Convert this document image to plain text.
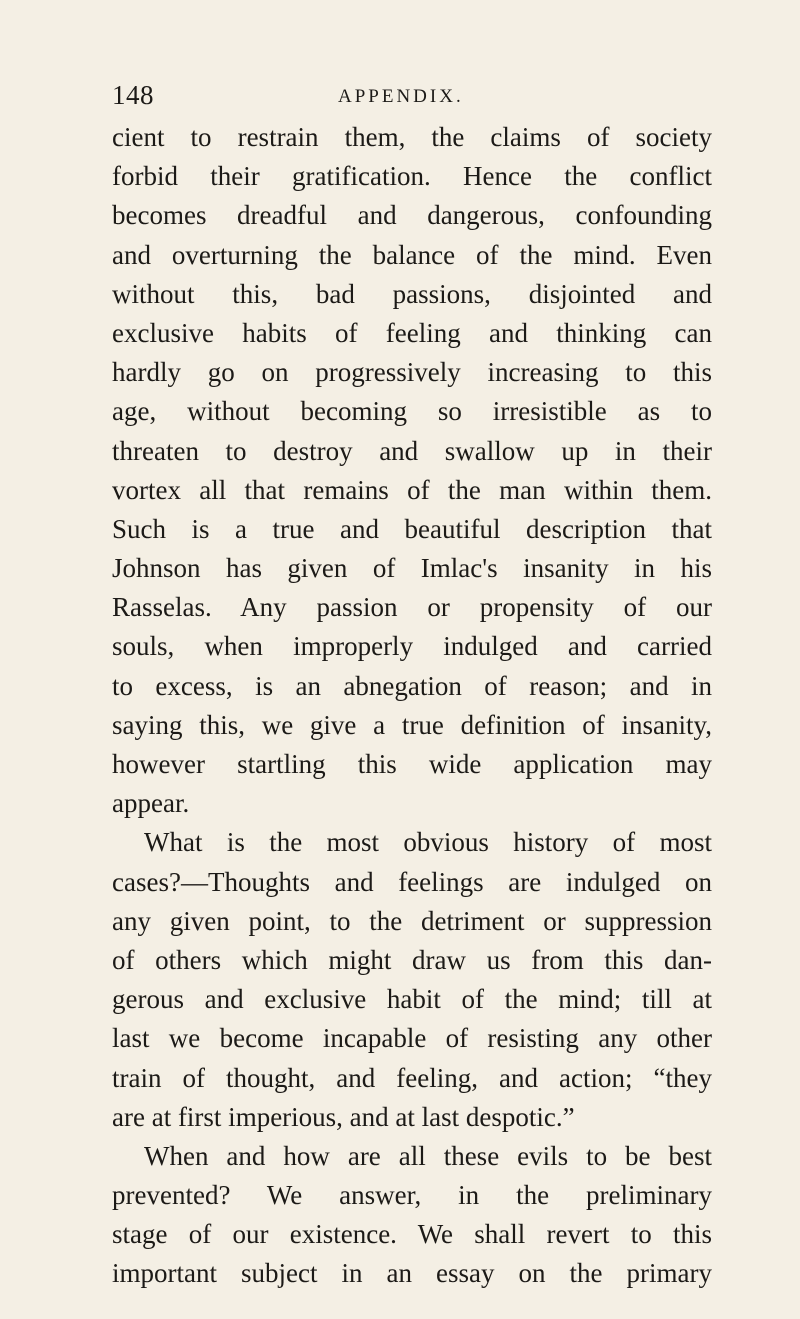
148	APPENDIX.
cient to restrain them, the claims of society
forbid their gratification. Hence the conflict
becomes dreadful and dangerous, confounding
and overturning the balance of the mind. Even
without this, bad passions, disjointed and
exclusive habits of feeling and thinking can
hardly go on progressively increasing to this
age, without becoming so irresistible as to
threaten to destroy and swallow up in their
vortex all that remains of the man within them.
Such is a true and beautiful description that
Johnson has given of Imlac's insanity in his
Rasselas. Any passion or propensity of our
souls, when improperly indulged and carried
to excess, is an abnegation of reason; and in
saying this, we give a true definition of insanity,
however startling this wide application may
appear.
What is the most obvious history of most
cases?—Thoughts and feelings are indulged on
any given point, to the detriment or suppression
of others which might draw us from this dan-
gerous and exclusive habit of the mind; till at
last we become incapable of resisting any other
train of thought, and feeling, and action; “they
are at first imperious, and at last despotic.”
When and how are all these evils to be best
prevented? We answer, in the preliminary
stage of our existence. We shall revert to this
important subject in an essay on the primary
